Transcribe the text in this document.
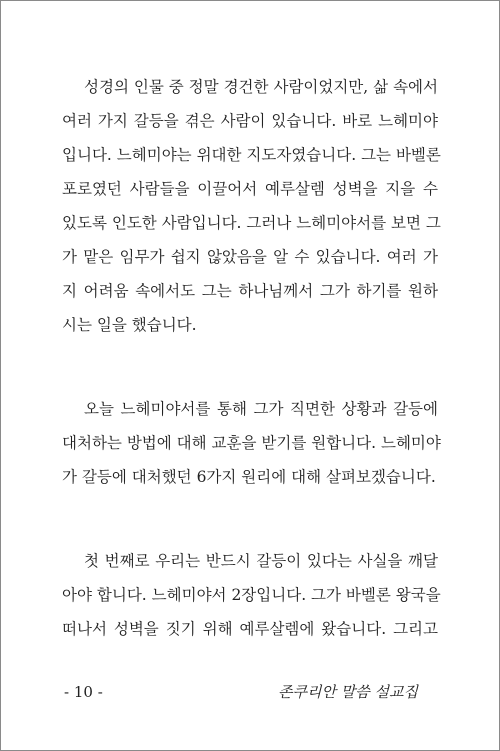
성경의 인물 중 정말 경건한 사람이었지만, 삶 속에서
여러 가지 갈등을 겪은 사람이 있습니다. 바로 느헤미야
입니다. 느헤미야는 위대한 지도자였습니다. 그는 바벨론
포로였던 사람들을 이끌어서 예루살렘 성벽을 지을 수
있도록 인도한 사람입니다. 그러나 느헤미야서를 보면 그
가 맡은 임무가 쉽지 않았음을 알 수 있습니다. 여러 가
지 어려움 속에서도 그는 하나님께서 그가 하기를 원하
시는 일을 했습니다.
오늘 느헤미야서를 통해 그가 직면한 상황과 갈등에
대처하는 방법에 대해 교훈을 받기를 원합니다. 느헤미야
가 갈등에 대처했던 6가지 원리에 대해 살펴보겠습니다.
첫 번째로 우리는 반드시 갈등이 있다는 사실을 깨달
아야 합니다. 느헤미야서 2장입니다. 그가 바벨론 왕국을
떠나서 성벽을 짓기 위해 예루살렘에 왔습니다. 그리고
- 10 -	존쿠리안 말씀 설교집
